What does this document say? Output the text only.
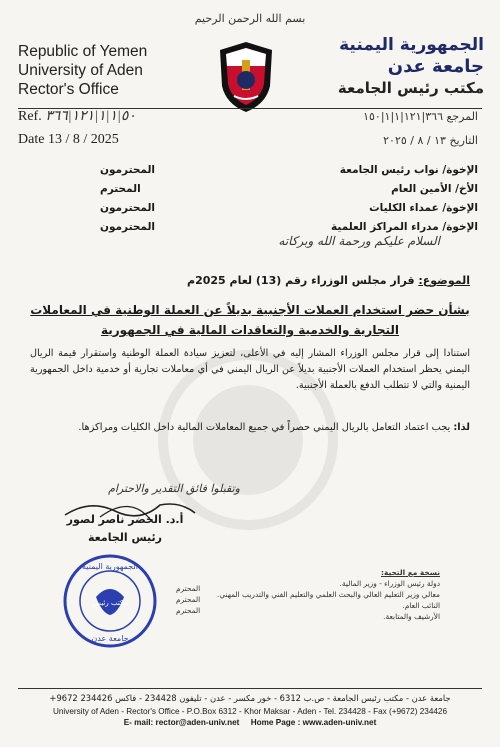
بسم الله الرحمن الرحيم
Republic of Yemen
University of Aden
Rector's Office
الجمهورية اليمنية
جامعة عدن
مكتب رئيس الجامعة
Ref. ٥٠|١|١|١٢١|٣٦٦
Date 13 / 8 / 2025
المرجع ٣٦٦|١٢١|١|١|١٥٠
التاريخ ١٣ / ٨ / ٢٠٢٥
الإخوة/ نواب رئيس الجامعة
المحترمون
الأخ/ الأمين العام
المحترم
الإخوة/ عمداء الكليات
المحترمون
الإخوة/ مدراء المراكز العلمية
المحترمون
السلام عليكم ورحمة الله وبركاته
الموضوع: قرار مجلس الوزراء رقم (13) لعام 2025م
بشأن حضر استخدام العملات الأجنبية بديلاً عن العملة الوطنية في المعاملات
التجارية والخدمية والتعاقدات المالية في الجمهورية
استنادا إلى قرار مجلس الوزراء المشار إليه في الأعلى، لتعزيز سيادة العملة الوطنية واستقرار قيمة الريال اليمني يحظر استخدام العملات الأجنبية بديلاً عن الريال اليمني في أي معاملات تجارية أو خدمية داخل الجمهورية اليمنية والتي لا تتطلب الدفع بالعملة الأجنبية.
لذا: يجب اعتماد التعامل بالريال اليمني حصراً في جميع المعاملات المالية داخل الكليات ومراكزها.
وتقبلوا فائق التقدير والاحترام
أ.د. الخضر ناصر لصور
رئيس الجامعة
الجمهورية اليمنية
مكتب رئيس
جامعة عدن
نسخة مع التحية:
دولة رئيس الوزراء - وزير المالية.
معالي وزير التعليم العالي والبحث العلمي والتعليم الفني والتدريب المهني.
النائب العام.
الأرشيف والمتابعة.
المحترم
المحترم
المحترم
جامعة عدن - مكتب رئيس الجامعة - ص.ب 6312 - خور مكسر - عدن - تليفون 234428 - فاكس 234426 9672+
University of Aden - Rector's Office - P.O.Box 6312 - Khor Maksar - Aden - Tel. 234428 - Fax (+9672) 234426
E- mail: rector@aden-univ.net Home Page : www.aden-univ.net
